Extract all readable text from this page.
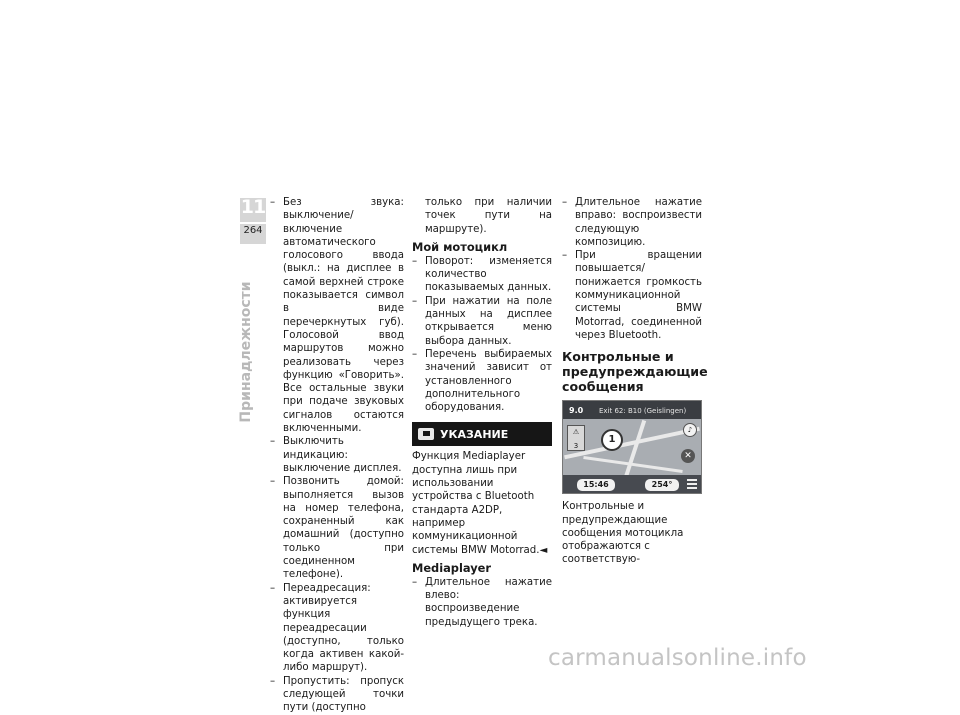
11
264
Принадлежности
– Без звука: выключение/включение автоматического голосового ввода (выкл.: на дисплее в самой верхней строке показывается символ в виде перечеркнутых губ). Голосовой ввод маршрутов можно реализовать через функцию «Говорить». Все остальные звуки при подаче звуковых сигналов остаются включенными.
– Выключить индикацию: выключение дисплея.
– Позвонить домой: выполняется вызов на номер телефона, сохраненный как домашний (доступно только при соединенном телефоне).
– Переадресация: активируется функция переадресации (доступно, только когда активен какой-либо маршрут).
– Пропустить: пропуск следующей точки пути (доступно
только при наличии точек пути на маршруте).
Мой мотоцикл
– Поворот: изменяется количество показываемых данных.
– При нажатии на поле данных на дисплее открывается меню выбора данных.
– Перечень выбираемых значений зависит от установленного дополнительного оборудования.
УКАЗАНИЕ

Функция Mediaplayer доступна лишь при использовании устройства с Bluetooth стандарта A2DP, например коммуникационной системы BMW Motorrad.◄

Mediaplayer
– Длительное нажатие влево: воспроизведение предыдущего трека.
– Длительное нажатие вправо: воспроизвести следующую композицию.
– При вращении повышается/понижается громкость коммуникационной системы BMW Motorrad, соединенной через Bluetooth.
Контрольные и предупреждающие сообщения
9.0 Exit 62: B10 (Geislingen)
⚠
3
1
♪
✕
15:46	254°

Контрольные и предупреждающие сообщения мотоцикла отображаются с соответствую-

carmanualsonline.info
